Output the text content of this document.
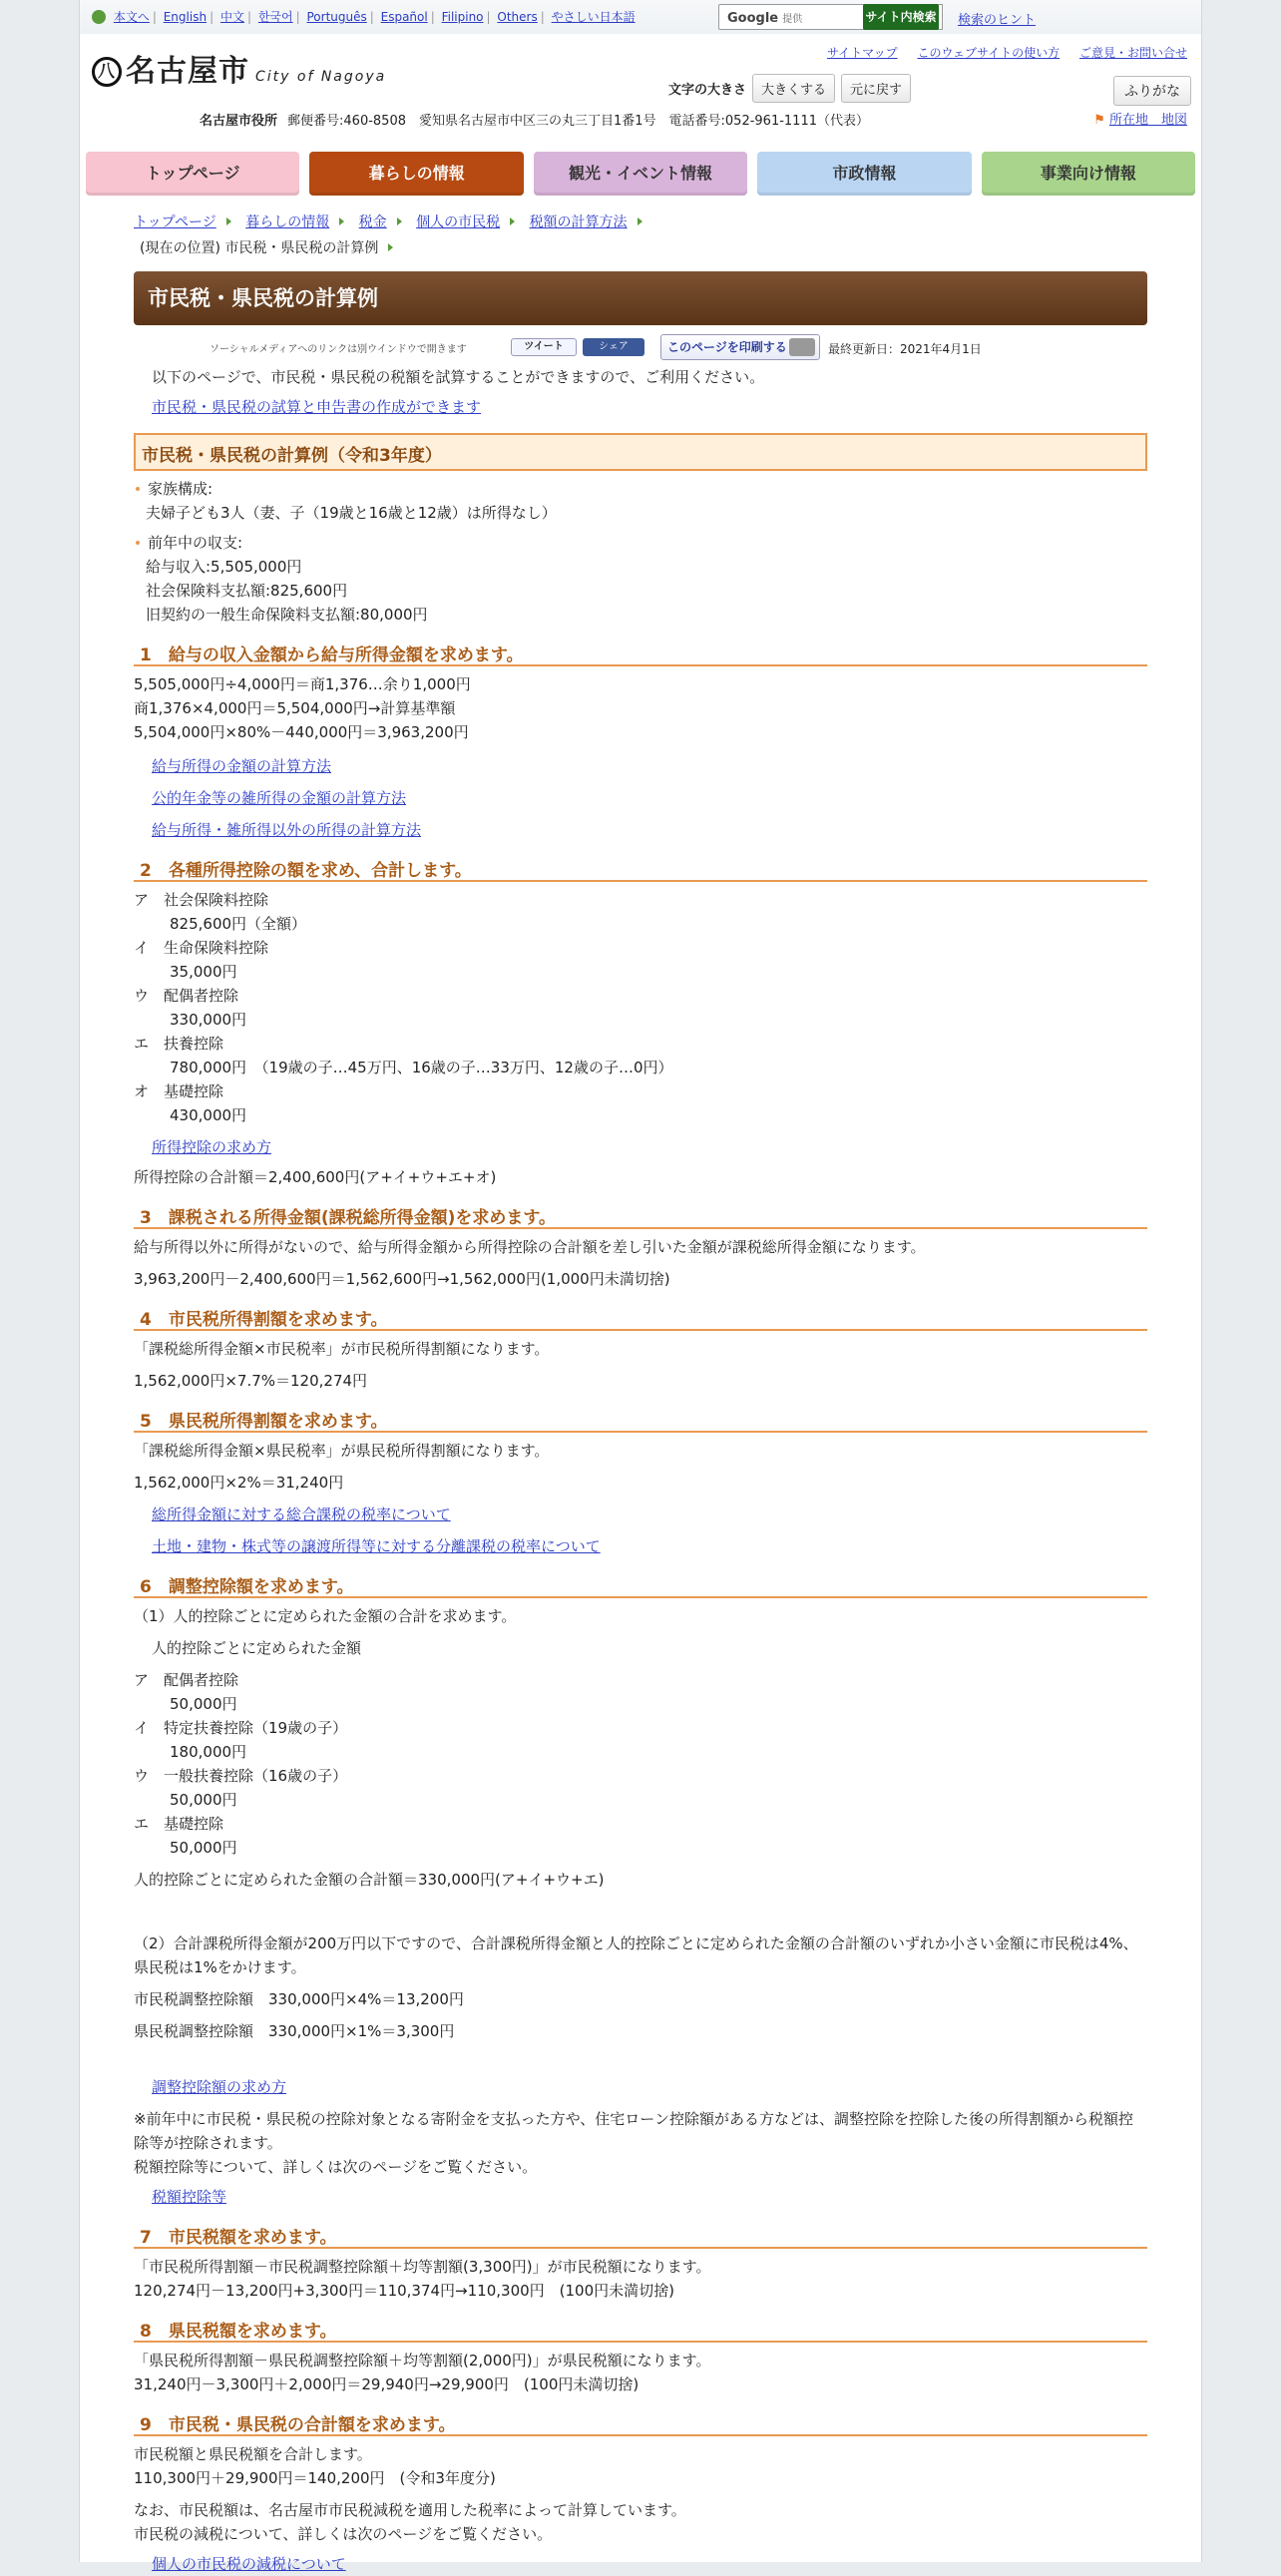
本文へ | English | 中文 | 한국어 | Português | Español | Filipino | Others | やさしい日本語	Google 提供	サイト内検索 検索のヒント
八 名古屋市 City of Nagoya
サイトマップ このウェブサイトの使い方 ご意見・お問い合せ
文字の大きさ 大きくする 元に戻す	ふりがな
名古屋市役所 郵便番号:460-8508　愛知県名古屋市中区三の丸三丁目1番1号　電話番号:052-961-1111（代表）	⚑ 所在地　地図
トップページ	暮らしの情報	観光・イベント情報	市政情報	事業向け情報
トップページ 暮らしの情報 税金 個人の市民税 税額の計算方法
(現在の位置) 市民税・県民税の計算例
市民税・県民税の計算例
ソーシャルメディアへのリンクは別ウインドウで開きます	ツイート	シェア	このページを印刷する	最終更新日：2021年4月1日

以下のページで、市民税・県民税の税額を試算することができますので、ご利用ください。

市民税・県民税の試算と申告書の作成ができます

市民税・県民税の計算例（令和3年度）

家族構成:

夫婦子ども3人（妻、子（19歳と16歳と12歳）は所得なし）

前年中の収支:

給与収入:5,505,000円

社会保険料支払額:825,600円

旧契約の一般生命保険料支払額:80,000円

1　給与の収入金額から給与所得金額を求めます。

5,505,000円÷4,000円＝商1,376…余り1,000円

商1,376×4,000円＝5,504,000円→計算基準額

5,504,000円×80%－440,000円＝3,963,200円

給与所得の金額の計算方法

公的年金等の雑所得の金額の計算方法

給与所得・雑所得以外の所得の計算方法

2　各種所得控除の額を求め、合計します。

ア　社会保険料控除

825,600円（全額）

イ　生命保険料控除

35,000円

ウ　配偶者控除

330,000円

エ　扶養控除

780,000円　（19歳の子…45万円、16歳の子…33万円、12歳の子…0円）

オ　基礎控除

430,000円

所得控除の求め方

所得控除の合計額＝2,400,600円(ア+イ+ウ+エ+オ)

3　課税される所得金額(課税総所得金額)を求めます。

給与所得以外に所得がないので、給与所得金額から所得控除の合計額を差し引いた金額が課税総所得金額になります。

3,963,200円－2,400,600円＝1,562,600円→1,562,000円(1,000円未満切捨)

4　市民税所得割額を求めます。

「課税総所得金額×市民税率」が市民税所得割額になります。

1,562,000円×7.7%＝120,274円

5　県民税所得割額を求めます。

「課税総所得金額×県民税率」が県民税所得割額になります。

1,562,000円×2%＝31,240円

総所得金額に対する総合課税の税率について

土地・建物・株式等の譲渡所得等に対する分離課税の税率について

6　調整控除額を求めます。

（1）人的控除ごとに定められた金額の合計を求めます。

人的控除ごとに定められた金額

ア　配偶者控除

50,000円

イ　特定扶養控除（19歳の子）

180,000円

ウ　一般扶養控除（16歳の子）

50,000円

エ　基礎控除

50,000円

人的控除ごとに定められた金額の合計額＝330,000円(ア+イ+ウ+エ)

（2）合計課税所得金額が200万円以下ですので、合計課税所得金額と人的控除ごとに定められた金額の合計額のいずれか小さい金額に市民税は4%、県民税は1%をかけます。

市民税調整控除額　330,000円×4%＝13,200円

県民税調整控除額　330,000円×1%＝3,300円

調整控除額の求め方

※前年中に市民税・県民税の控除対象となる寄附金を支払った方や、住宅ローン控除額がある方などは、調整控除を控除した後の所得割額から税額控除等が控除されます。

税額控除等について、詳しくは次のページをご覧ください。

税額控除等

7　市民税額を求めます。

「市民税所得割額－市民税調整控除額＋均等割額(3,300円)」が市民税額になります。

120,274円－13,200円+3,300円＝110,374円→110,300円　(100円未満切捨)

8　県民税額を求めます。

「県民税所得割額－県民税調整控除額＋均等割額(2,000円)」が県民税額になります。

31,240円－3,300円＋2,000円＝29,940円→29,900円　(100円未満切捨)

9　市民税・県民税の合計額を求めます。

市民税額と県民税額を合計します。

110,300円＋29,900円＝140,200円　(令和3年度分)

なお、市民税額は、名古屋市市民税減税を適用した税率によって計算しています。

市民税の減税について、詳しくは次のページをご覧ください。

個人の市民税の減税について
